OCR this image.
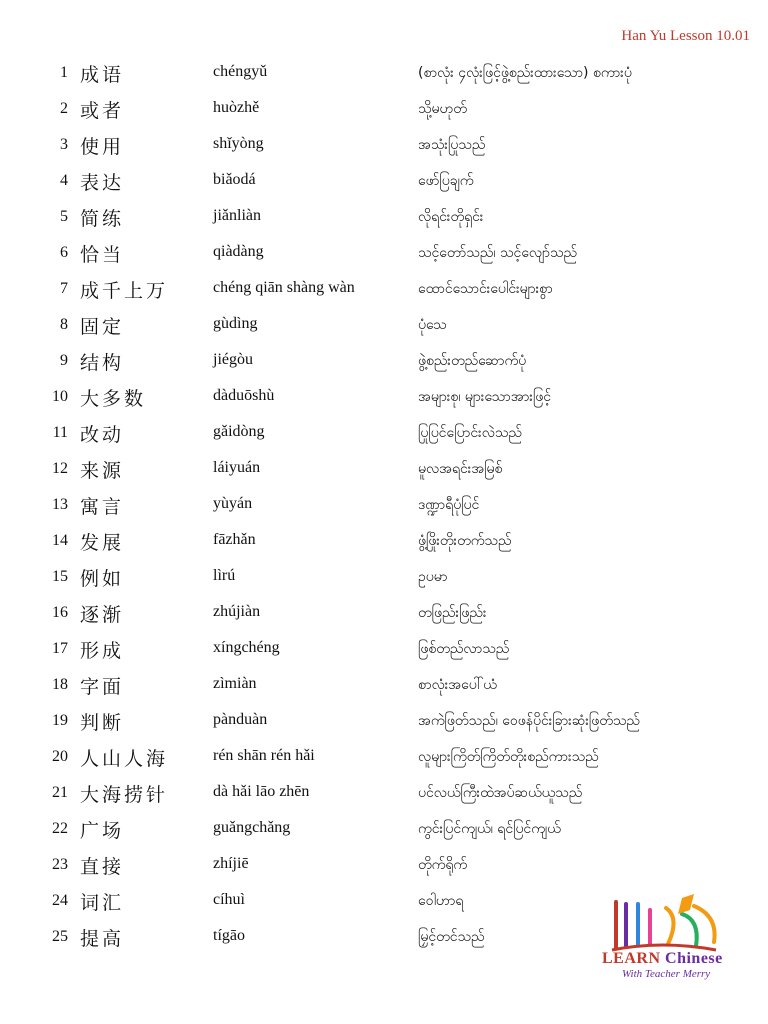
Han Yu Lesson 10.01
1 成语	chéngyǔ	(စာလုံး ၄လုံးဖြင့်ဖွဲ့စည်းထားသော) စကားပုံ
2 或者	huòzhě	သို့မဟုတ်
3 使用	shǐyòng	အသုံးပြုသည်
4 表达	biǎodá	ဖော်ပြချက်
5 简练	jiǎnliàn	လိုရင်းတိုရှင်း
6 恰当	qiàdàng	သင့်တော်သည်၊ သင့်လျော်သည်
7 成千上万	chéng qiān shàng wàn	ထောင်သောင်းပေါင်းများစွာ
8 固定	gùdìng	ပုံသေ
9 结构	jiégòu	ဖွဲ့စည်းတည်ဆောက်ပုံ
10 大多数	dàduōshù	အများစု၊ များသောအားဖြင့်
11 改动	gǎidòng	ပြုပြင်ပြောင်းလဲသည်
12 来源	láiyuán	မူလအရင်းအမြစ်
13 寓言	yùyán	ဒဏ္ဍာရီပုံပြင်
14 发展	fāzhǎn	ဖွံ့ဖြိုးတိုးတက်သည်
15 例如	lìrú	ဥပမာ
16 逐渐	zhújiàn	တဖြည်းဖြည်း
17 形成	xíngchéng	ဖြစ်တည်လာသည်
18 字面	zìmiàn	စာလုံးအပေါ်ယံ
19 判断	pànduàn	အကဲဖြတ်သည်၊ ဝေဖန်ပိုင်းခြားဆုံးဖြတ်သည်
20 人山人海	rén shān rén hǎi	လူများကြိတ်ကြိတ်တိုးစည်ကားသည်
21 大海捞针	dà hǎi lāo zhēn	ပင်လယ်ကြီးထဲအပ်ဆယ်ယူသည်
22 广场	guǎngchǎng	ကွင်းပြင်ကျယ်၊ ရင်ပြင်ကျယ်
23 直接	zhíjiē	တိုက်ရိုက်
24 词汇	cíhuì	ဝေါဟာရ
25 提高	tígāo	မြှင့်တင်သည်
LEARN Chinese
With Teacher Merry
